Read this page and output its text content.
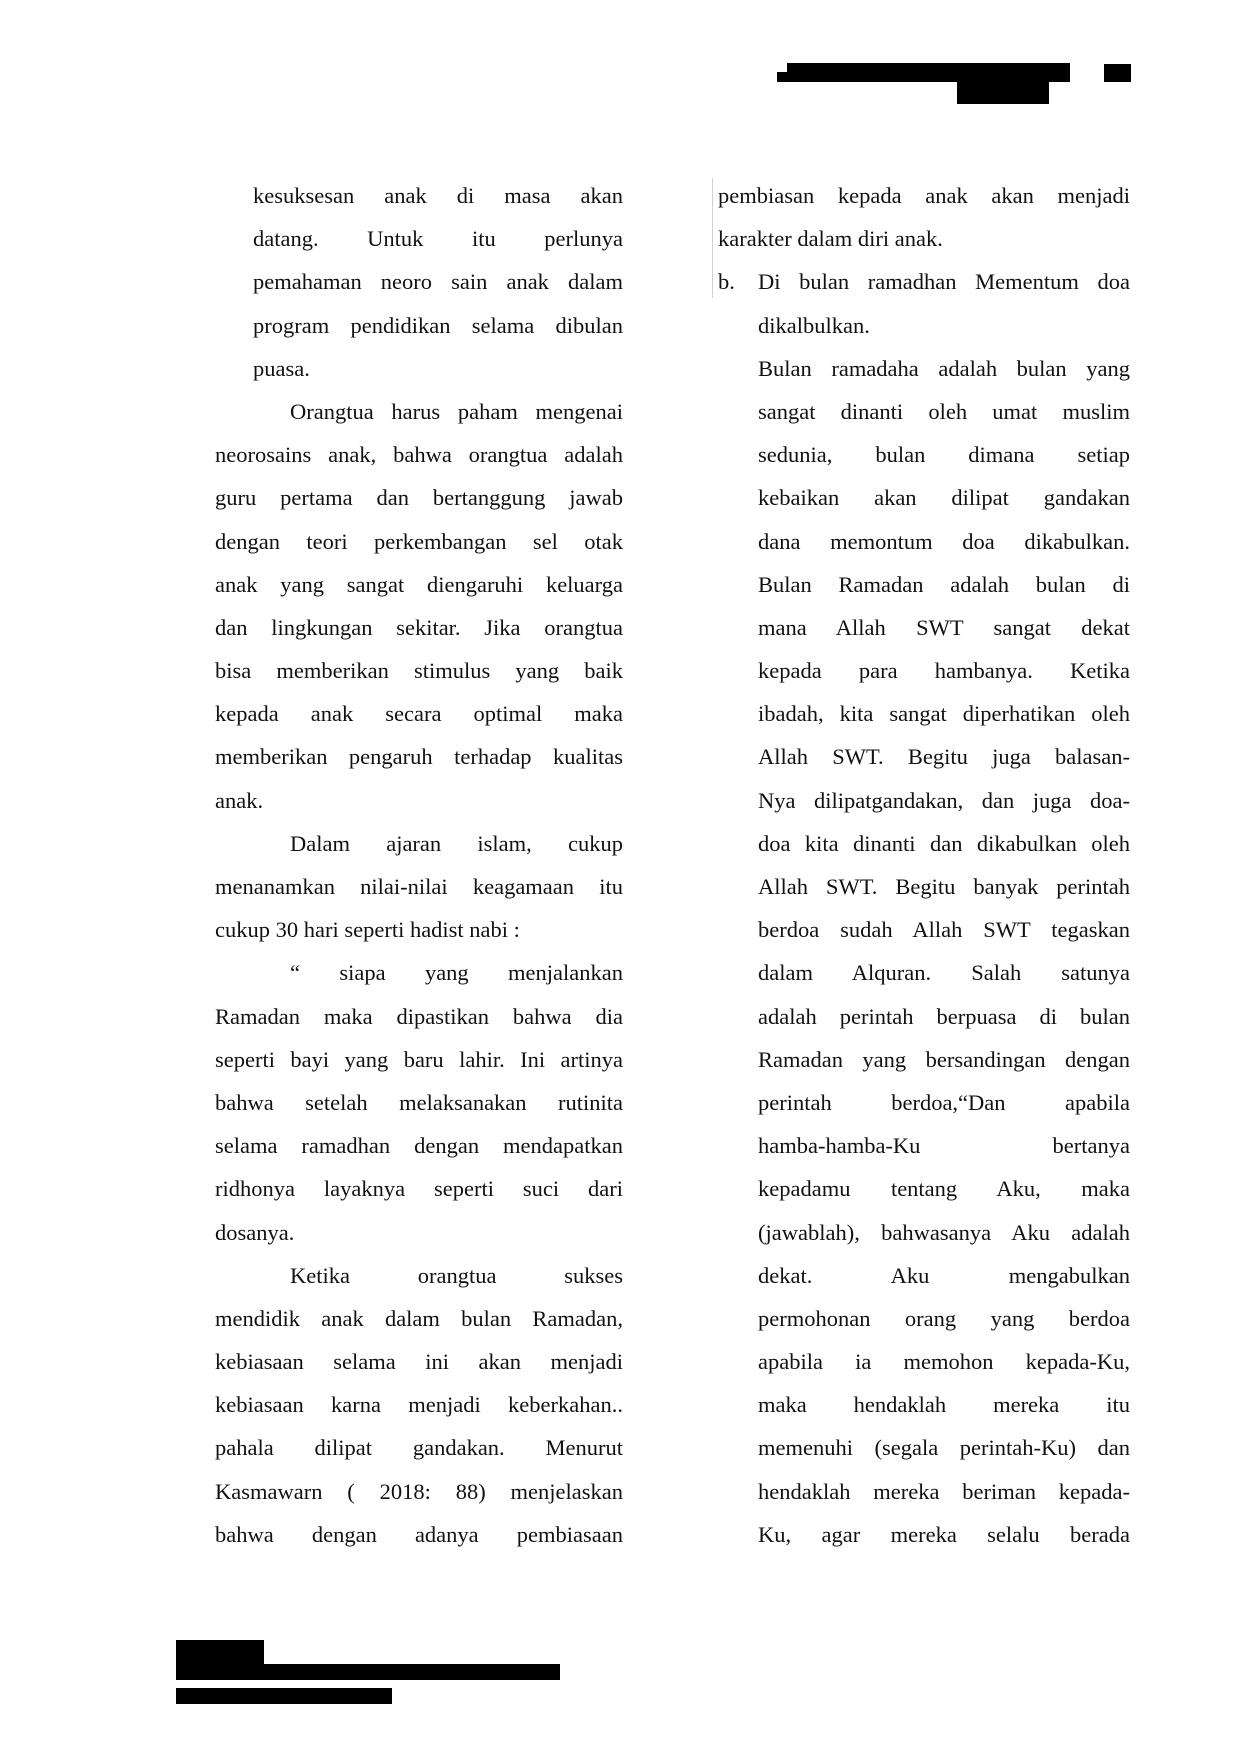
kesuksesan anak di masa akan
datang. Untuk itu perlunya
pemahaman neoro sain anak dalam
program pendidikan selama dibulan
puasa.
Orangtua harus paham mengenai
neorosains anak, bahwa orangtua adalah
guru pertama dan bertanggung jawab
dengan teori perkembangan sel otak
anak yang sangat diengaruhi keluarga
dan lingkungan sekitar. Jika orangtua
bisa memberikan stimulus yang baik
kepada anak secara optimal maka
memberikan pengaruh terhadap kualitas
anak.
Dalam ajaran islam, cukup
menanamkan nilai-nilai keagamaan itu
cukup 30 hari seperti hadist nabi :
“ siapa yang menjalankan
Ramadan maka dipastikan bahwa dia
seperti bayi yang baru lahir. Ini artinya
bahwa setelah melaksanakan rutinita
selama ramadhan dengan mendapatkan
ridhonya layaknya seperti suci dari
dosanya.
Ketika orangtua sukses
mendidik anak dalam bulan Ramadan,
kebiasaan selama ini akan menjadi
kebiasaan karna menjadi keberkahan..
pahala dilipat gandakan. Menurut
Kasmawarn ( 2018: 88) menjelaskan
bahwa dengan adanya pembiasaan
pembiasan kepada anak akan menjadi
karakter dalam diri anak.
b. Di bulan ramadhan Mementum doa
dikalbulkan.
Bulan ramadaha adalah bulan yang
sangat dinanti oleh umat muslim
sedunia, bulan dimana setiap
kebaikan akan dilipat gandakan
dana memontum doa dikabulkan.
Bulan Ramadan adalah bulan di
mana Allah SWT sangat dekat
kepada para hambanya. Ketika
ibadah, kita sangat diperhatikan oleh
Allah SWT. Begitu juga balasan-
Nya dilipatgandakan, dan juga doa-
doa kita dinanti dan dikabulkan oleh
Allah SWT. Begitu banyak perintah
berdoa sudah Allah SWT tegaskan
dalam Alquran. Salah satunya
adalah perintah berpuasa di bulan
Ramadan yang bersandingan dengan
perintah berdoa,“Dan apabila
hamba-hamba-Ku bertanya
kepadamu tentang Aku, maka
(jawablah), bahwasanya Aku adalah
dekat. Aku mengabulkan
permohonan orang yang berdoa
apabila ia memohon kepada-Ku,
maka hendaklah mereka itu
memenuhi (segala perintah-Ku) dan
hendaklah mereka beriman kepada-
Ku, agar mereka selalu berada
